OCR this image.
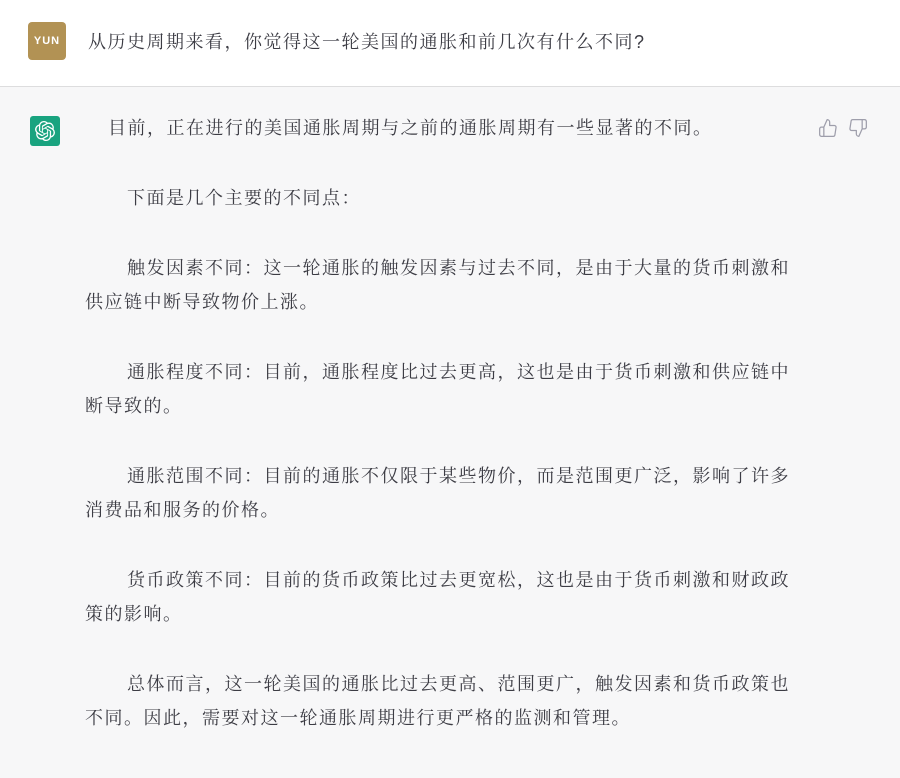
YUN 从历史周期来看，你觉得这一轮美国的通胀和前几次有什么不同?

目前，正在进行的美国通胀周期与之前的通胀周期有一些显著的不同。

下面是几个主要的不同点：

触发因素不同：这一轮通胀的触发因素与过去不同，是由于大量的货币刺激和供应链中断导致物价上涨。

通胀程度不同：目前，通胀程度比过去更高，这也是由于货币刺激和供应链中断导致的。

通胀范围不同：目前的通胀不仅限于某些物价，而是范围更广泛，影响了许多消费品和服务的价格。

货币政策不同：目前的货币政策比过去更宽松，这也是由于货币刺激和财政政策的影响。

总体而言，这一轮美国的通胀比过去更高、范围更广，触发因素和货币政策也不同。因此，需要对这一轮通胀周期进行更严格的监测和管理。
